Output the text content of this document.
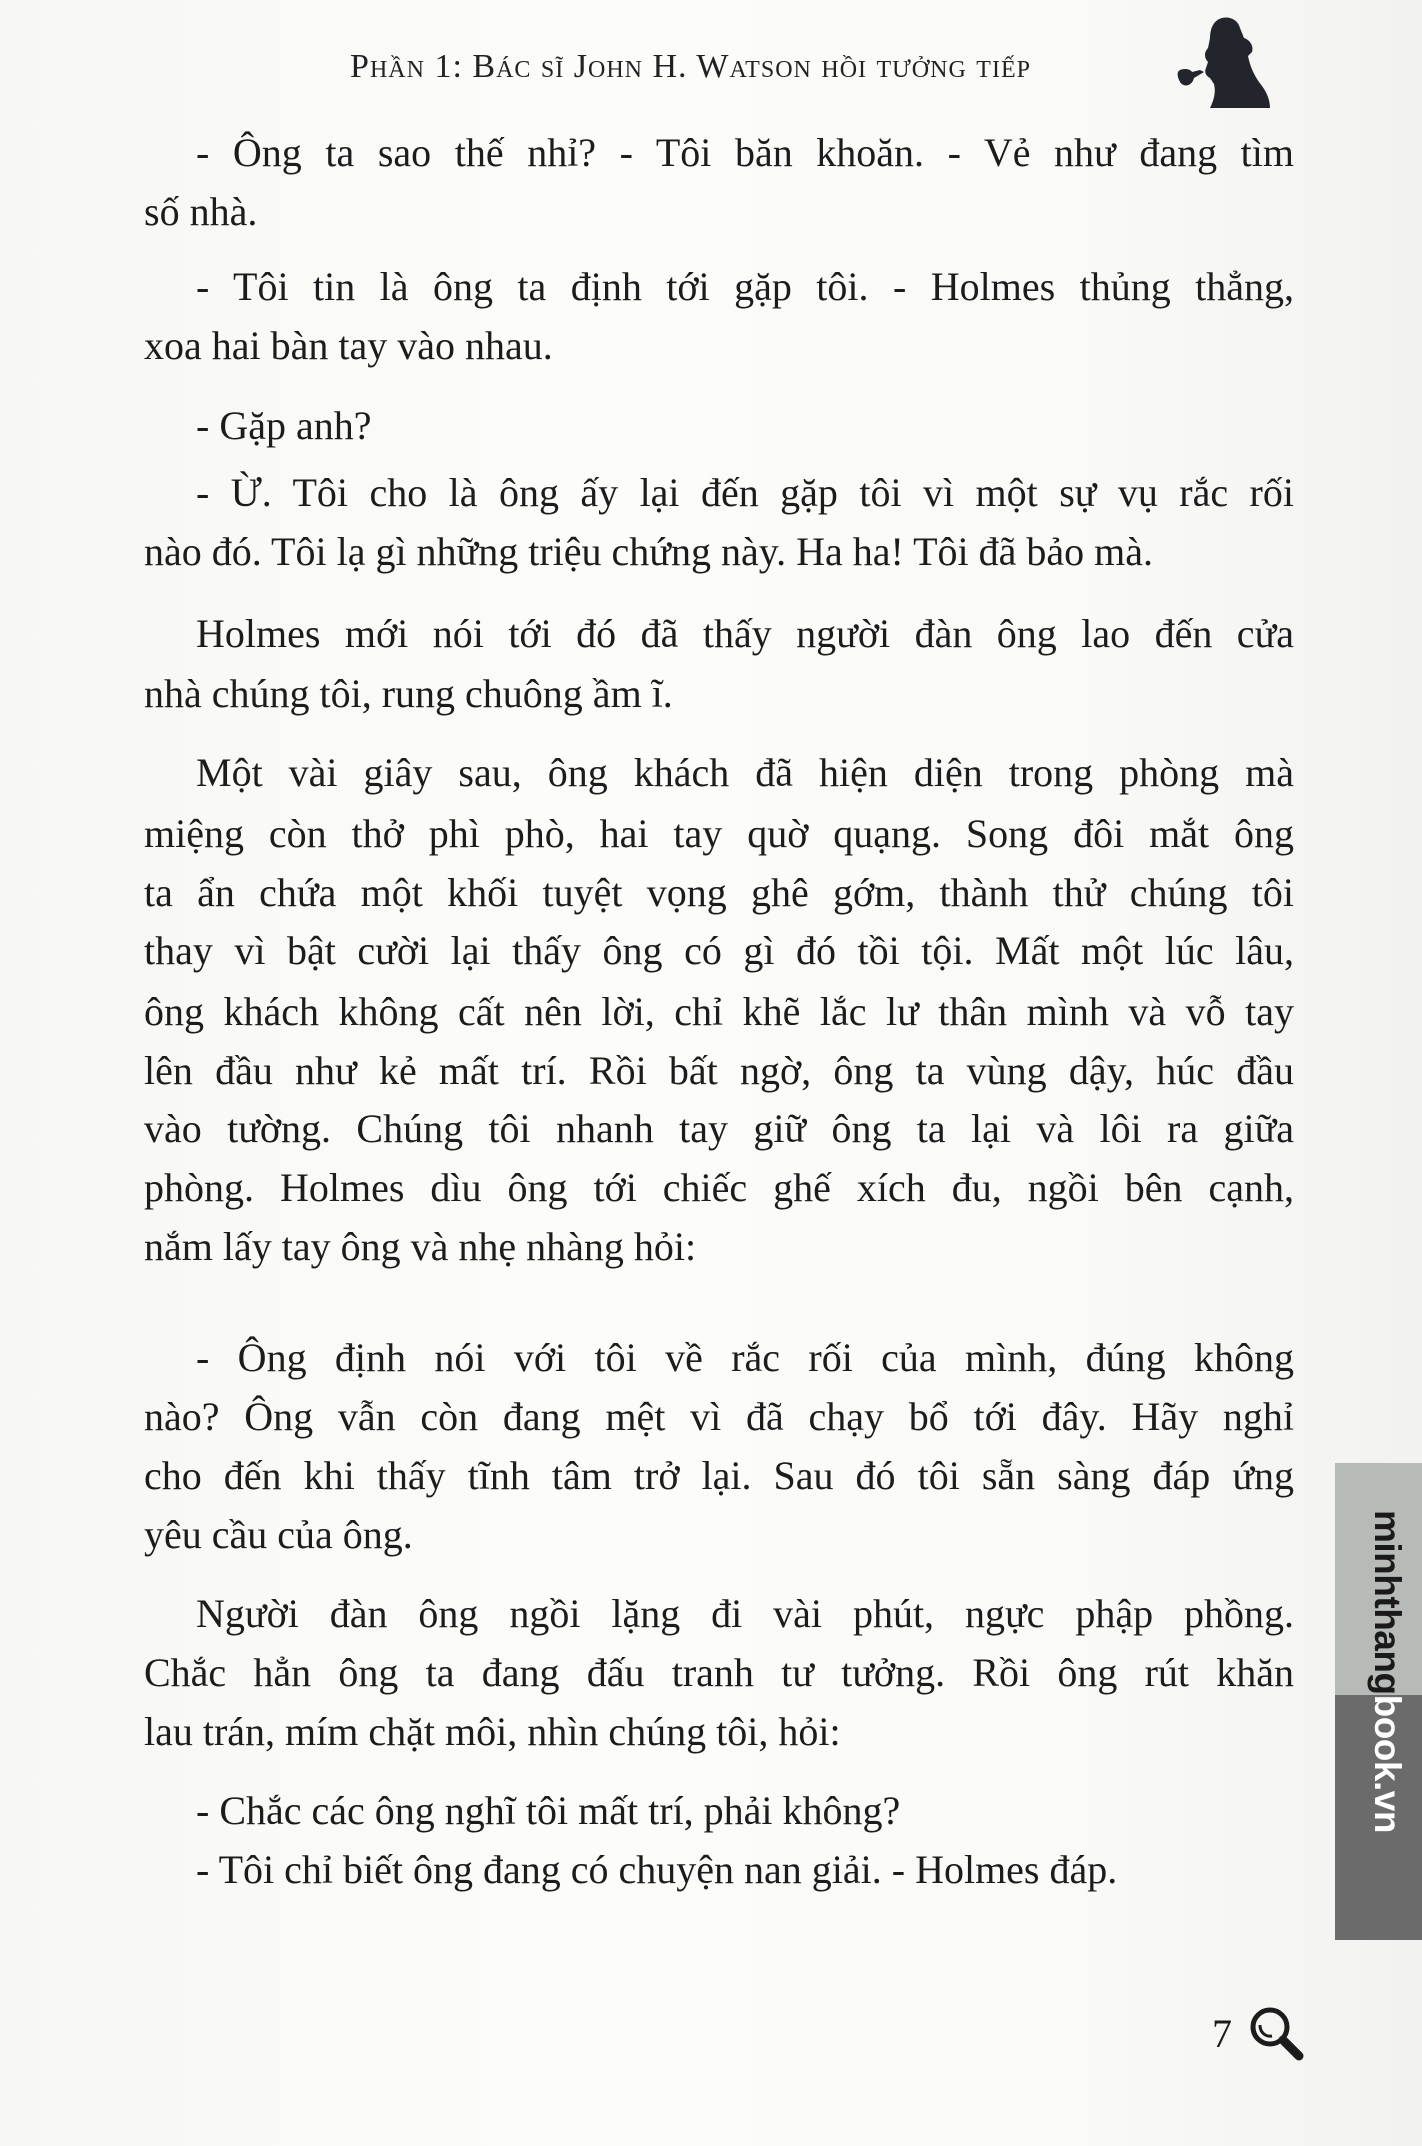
Phần 1: Bác sĩ John H. Watson hồi tưởng tiếp
- Ông ta sao thế nhỉ? - Tôi băn khoăn. - Vẻ như đang tìm
số nhà.
- Tôi tin là ông ta định tới gặp tôi. - Holmes thủng thẳng,
xoa hai bàn tay vào nhau.
- Gặp anh?
- Ừ. Tôi cho là ông ấy lại đến gặp tôi vì một sự vụ rắc rối
nào đó. Tôi lạ gì những triệu chứng này. Ha ha! Tôi đã bảo mà.
Holmes mới nói tới đó đã thấy người đàn ông lao đến cửa
nhà chúng tôi, rung chuông ầm ĩ.
Một vài giây sau, ông khách đã hiện diện trong phòng mà
miệng còn thở phì phò, hai tay quờ quạng. Song đôi mắt ông
ta ẩn chứa một khối tuyệt vọng ghê gớm, thành thử chúng tôi
thay vì bật cười lại thấy ông có gì đó tồi tội. Mất một lúc lâu,
ông khách không cất nên lời, chỉ khẽ lắc lư thân mình và vỗ tay
lên đầu như kẻ mất trí. Rồi bất ngờ, ông ta vùng dậy, húc đầu
vào tường. Chúng tôi nhanh tay giữ ông ta lại và lôi ra giữa
phòng. Holmes dìu ông tới chiếc ghế xích đu, ngồi bên cạnh,
nắm lấy tay ông và nhẹ nhàng hỏi:
- Ông định nói với tôi về rắc rối của mình, đúng không
nào? Ông vẫn còn đang mệt vì đã chạy bổ tới đây. Hãy nghỉ
cho đến khi thấy tĩnh tâm trở lại. Sau đó tôi sẵn sàng đáp ứng
yêu cầu của ông.
Người đàn ông ngồi lặng đi vài phút, ngực phập phồng.
Chắc hẳn ông ta đang đấu tranh tư tưởng. Rồi ông rút khăn
lau trán, mím chặt môi, nhìn chúng tôi, hỏi:
- Chắc các ông nghĩ tôi mất trí, phải không?
- Tôi chỉ biết ông đang có chuyện nan giải. - Holmes đáp.
7
minhthangbook.vn
